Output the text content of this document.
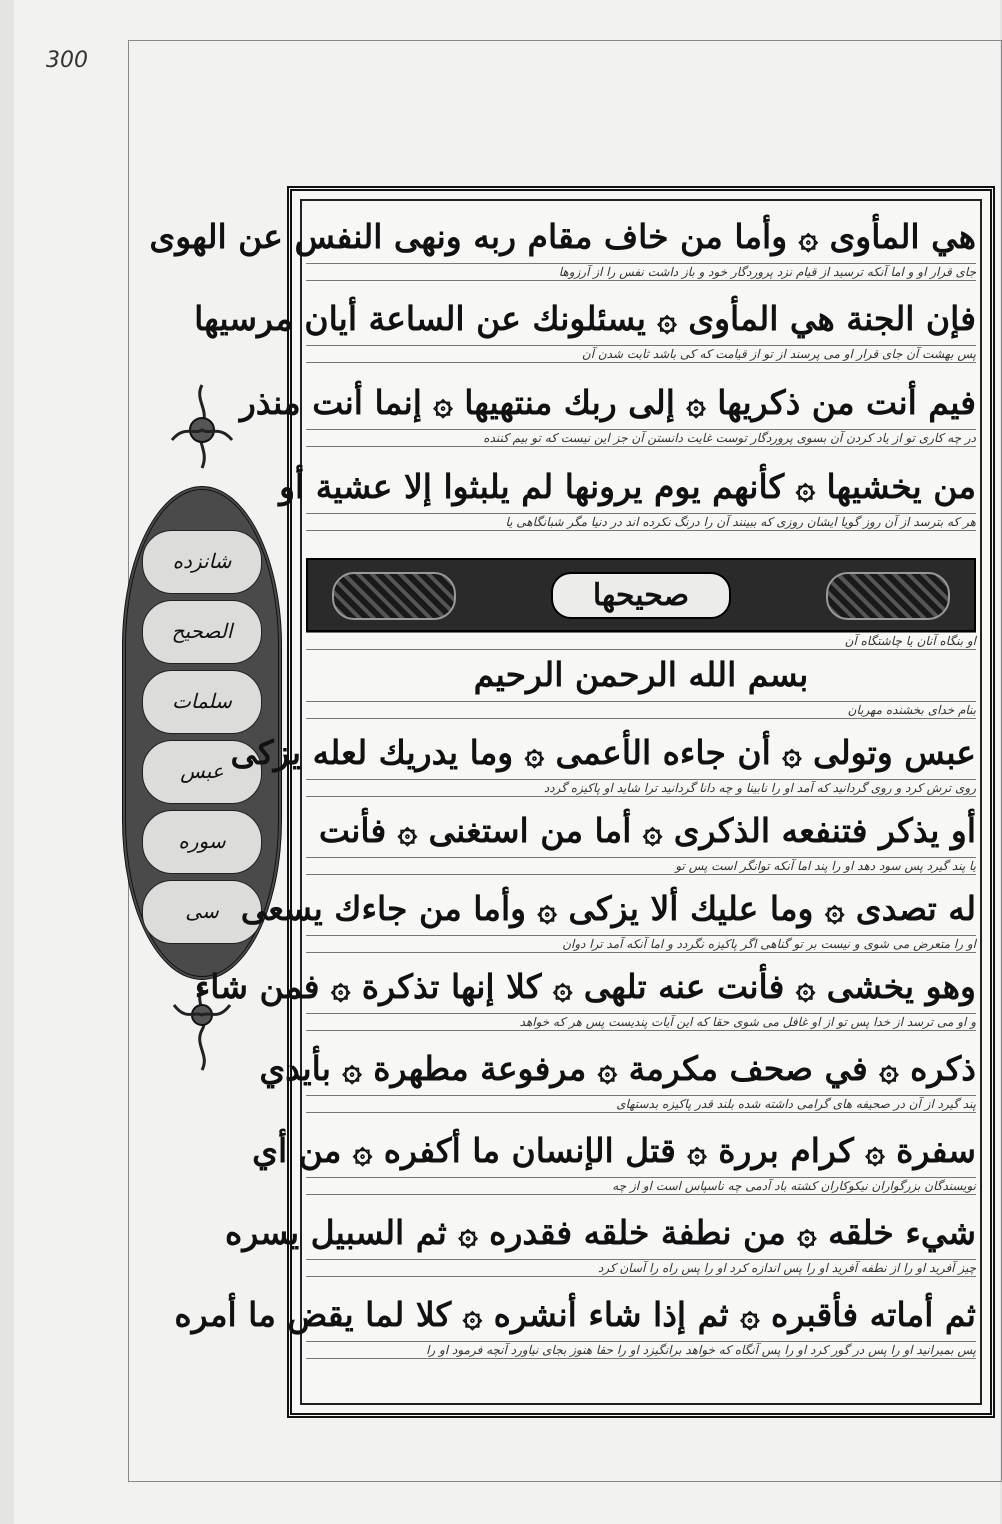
300
شانزده
الصحیح
سلمات
عبس
سوره
سی
هي المأوى ۞ وأما من خاف مقام ربه ونهى النفس عن الهوى
جای قرار او و اما آنکه ترسید از قیام نزد پروردگار خود و باز داشت نفس را از آرزوها
فإن الجنة هي المأوى ۞ يسئلونك عن الساعة أيان مرسيها
پس بهشت آن جای قرار او می پرسند از تو از قیامت که کی باشد ثابت شدن آن
فيم أنت من ذكريها ۞ إلى ربك منتهيها ۞ إنما أنت منذر
در چه کاری تو از یاد کردن آن بسوی پروردگار توست غایت دانستن آن جز این نیست که تو بیم کننده
من يخشيها ۞ كأنهم يوم يرونها لم يلبثوا إلا عشية أو
هر که بترسد از آن روز گویا ایشان روزی که ببینند آن را درنگ نکرده اند در دنیا مگر شبانگاهی یا
صحیحها
او بنگاه آنان یا چاشتگاه آن
بسم الله الرحمن الرحیم
بنام خدای بخشنده مهربان
عبس وتولى ۞ أن جاءه الأعمى ۞ وما يدريك لعله يزكى
روی ترش کرد و روی گردانید که آمد او را نابینا و چه دانا گردانید ترا شاید او پاکیزه گردد
أو يذكر فتنفعه الذكرى ۞ أما من استغنى ۞ فأنت
یا پند گیرد پس سود دهد او را پند اما آنکه توانگر است پس تو
له تصدى ۞ وما عليك ألا يزكى ۞ وأما من جاءك يسعى
او را متعرض می شوی و نیست بر تو گناهی اگر پاکیزه نگردد و اما آنکه آمد ترا دوان
وهو يخشى ۞ فأنت عنه تلهى ۞ كلا إنها تذكرة ۞ فمن شاء
و او می ترسد از خدا پس تو از او غافل می شوی حقا که این آیات پندیست پس هر که خواهد
ذكره ۞ في صحف مكرمة ۞ مرفوعة مطهرة ۞ بأيدي
پند گیرد از آن در صحیفه های گرامی داشته شده بلند قدر پاکیزه بدستهای
سفرة ۞ كرام بررة ۞ قتل الإنسان ما أكفره ۞ من أي
نویسندگان بزرگواران نیکوکاران کشته باد آدمی چه ناسپاس است او از چه
شيء خلقه ۞ من نطفة خلقه فقدره ۞ ثم السبيل يسره
چیز آفرید او را از نطفه آفرید او را پس اندازه کرد او را پس راه را آسان کرد
ثم أماته فأقبره ۞ ثم إذا شاء أنشره ۞ كلا لما يقض ما أمره
پس بمیرانید او را پس در گور کرد او را پس آنگاه که خواهد برانگیزد او را حقا هنوز بجای نیاورد آنچه فرمود او را
